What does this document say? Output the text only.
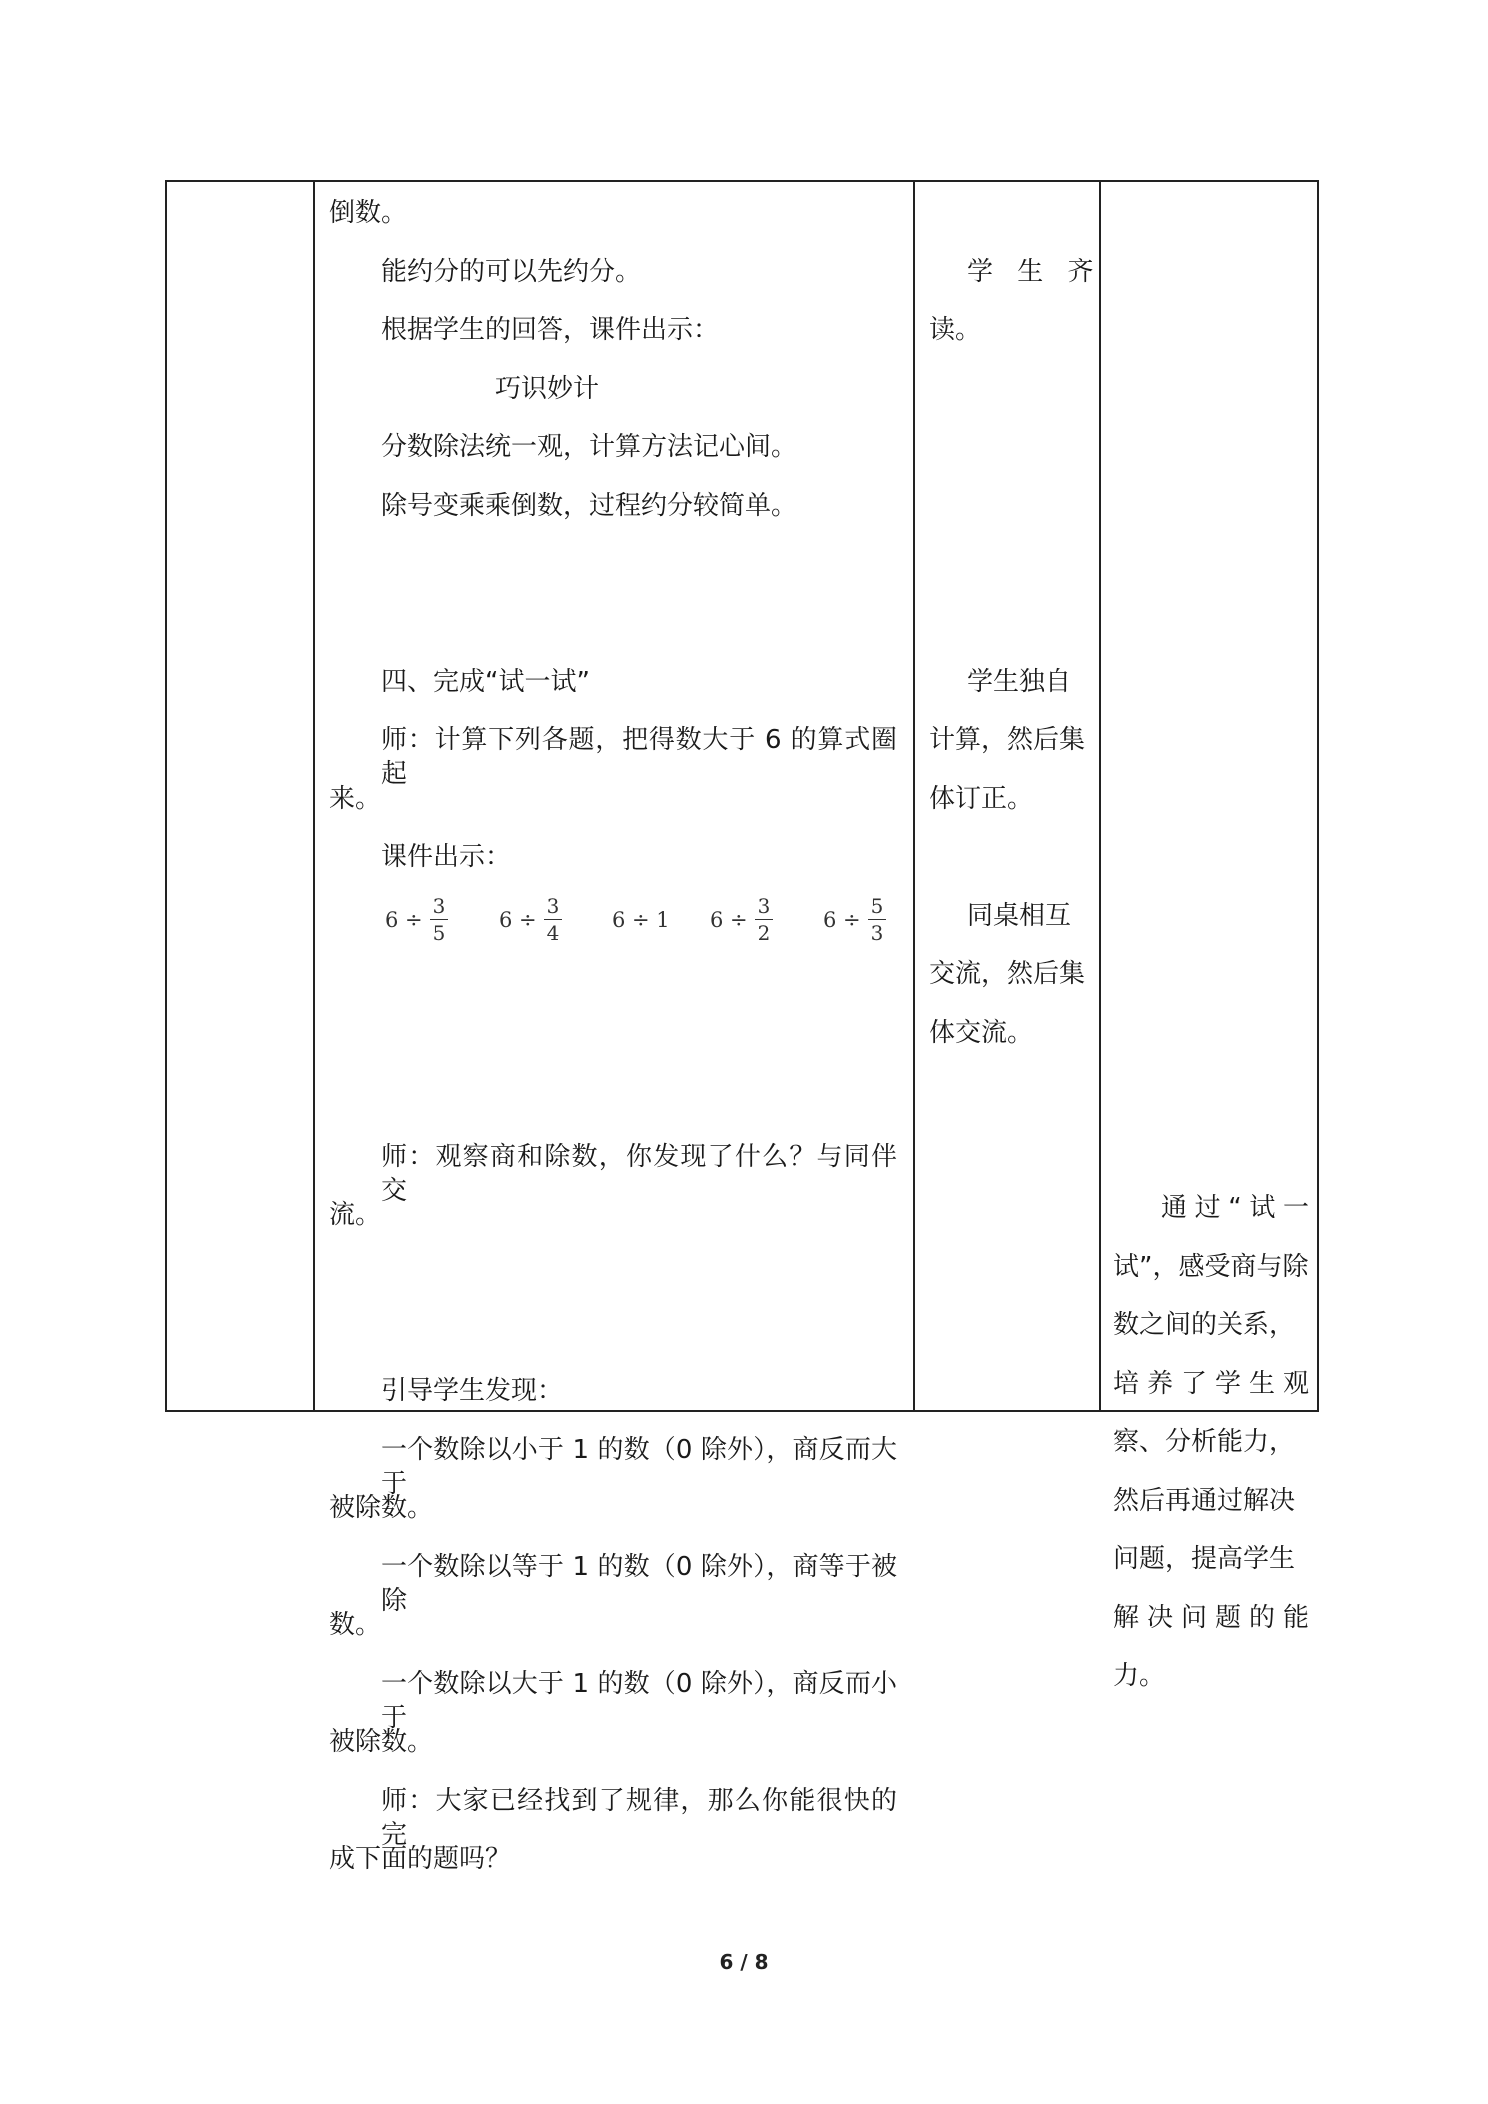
倒数。

能约分的可以先约分。

根据学生的回答，课件出示：

巧识妙计

分数除法统一观，计算方法记心间。

除号变乘乘倒数，过程约分较简单。

四、完成“试一试”

师：计算下列各题，把得数大于 6 的算式圈起

来。

课件出示：

$6 \div \frac{3}{5} 6 \div \frac{3}{4} 6 \div 1$ $6 \div \frac{3}{2} 6 \div \frac{5}{3}$

师：观察商和除数，你发现了什么？与同伴交

流。

引导学生发现：

一个数除以小于 1 的数（0 除外），商反而大于

被除数。

一个数除以等于 1 的数（0 除外），商等于被除

数。

一个数除以大于 1 的数（0 除外），商反而小于

被除数。

师：大家已经找到了规律，那么你能很快的完

成下面的题吗？

学 生 齐

读。

学生独自

计算，然后集

体订正。

同桌相互

交流，然后集

体交流。

通过“试一

试”，感受商与除

数之间的关系，

培养了学生观

察、分析能力，

然后再通过解决

问题，提高学生

解决问题的能

力。

6 / 8
